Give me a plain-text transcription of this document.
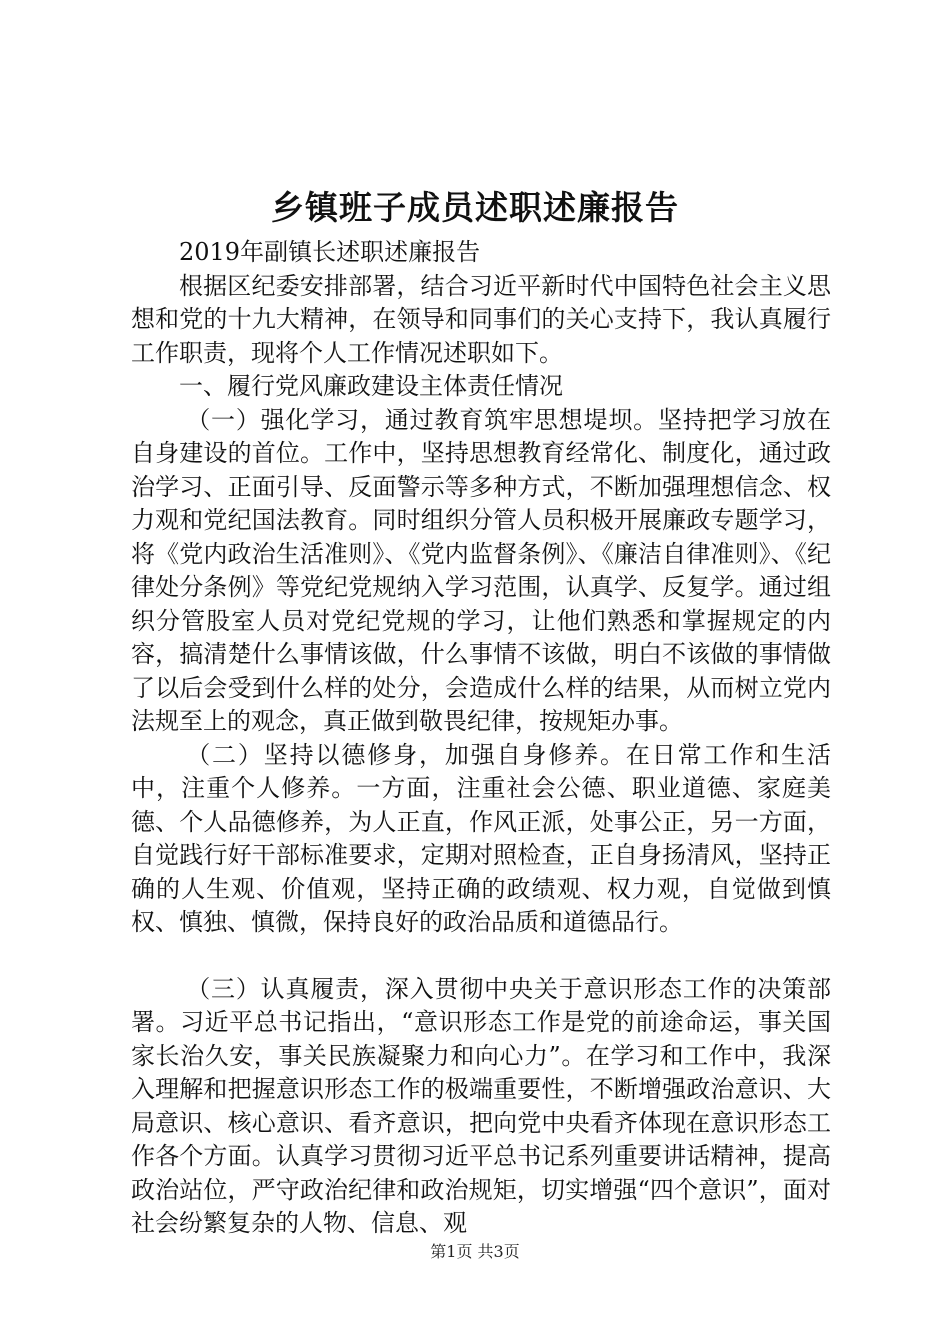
乡镇班子成员述职述廉报告

2019年副镇长述职述廉报告

根据区纪委安排部署，结合习近平新时代中国特色社会主义思想和党的十九大精神，在领导和同事们的关心支持下，我认真履行工作职责，现将个人工作情况述职如下。

一、履行党风廉政建设主体责任情况

（一）强化学习，通过教育筑牢思想堤坝。坚持把学习放在自身建设的首位。工作中，坚持思想教育经常化、制度化，通过政治学习、正面引导、反面警示等多种方式，不断加强理想信念、权力观和党纪国法教育。同时组织分管人员积极开展廉政专题学习，将《党内政治生活准则》、《党内监督条例》、《廉洁自律准则》、《纪律处分条例》等党纪党规纳入学习范围，认真学、反复学。通过组织分管股室人员对党纪党规的学习，让他们熟悉和掌握规定的内容，搞清楚什么事情该做，什么事情不该做，明白不该做的事情做了以后会受到什么样的处分，会造成什么样的结果，从而树立党内法规至上的观念，真正做到敬畏纪律，按规矩办事。

（二）坚持以德修身，加强自身修养。在日常工作和生活中，注重个人修养。一方面，注重社会公德、职业道德、家庭美德、个人品德修养，为人正直，作风正派，处事公正，另一方面，自觉践行好干部标准要求，定期对照检查，正自身扬清风，坚持正确的人生观、价值观，坚持正确的政绩观、权力观，自觉做到慎权、慎独、慎微，保持良好的政治品质和道德品行。

（三）认真履责，深入贯彻中央关于意识形态工作的决策部署。习近平总书记指出，“意识形态工作是党的前途命运，事关国家长治久安，事关民族凝聚力和向心力”。在学习和工作中，我深入理解和把握意识形态工作的极端重要性，不断增强政治意识、大局意识、核心意识、看齐意识，把向党中央看齐体现在意识形态工作各个方面。认真学习贯彻习近平总书记系列重要讲话精神，提高政治站位，严守政治纪律和政治规矩，切实增强“四个意识”，面对社会纷繁复杂的人物、信息、观

第1页 共3页
